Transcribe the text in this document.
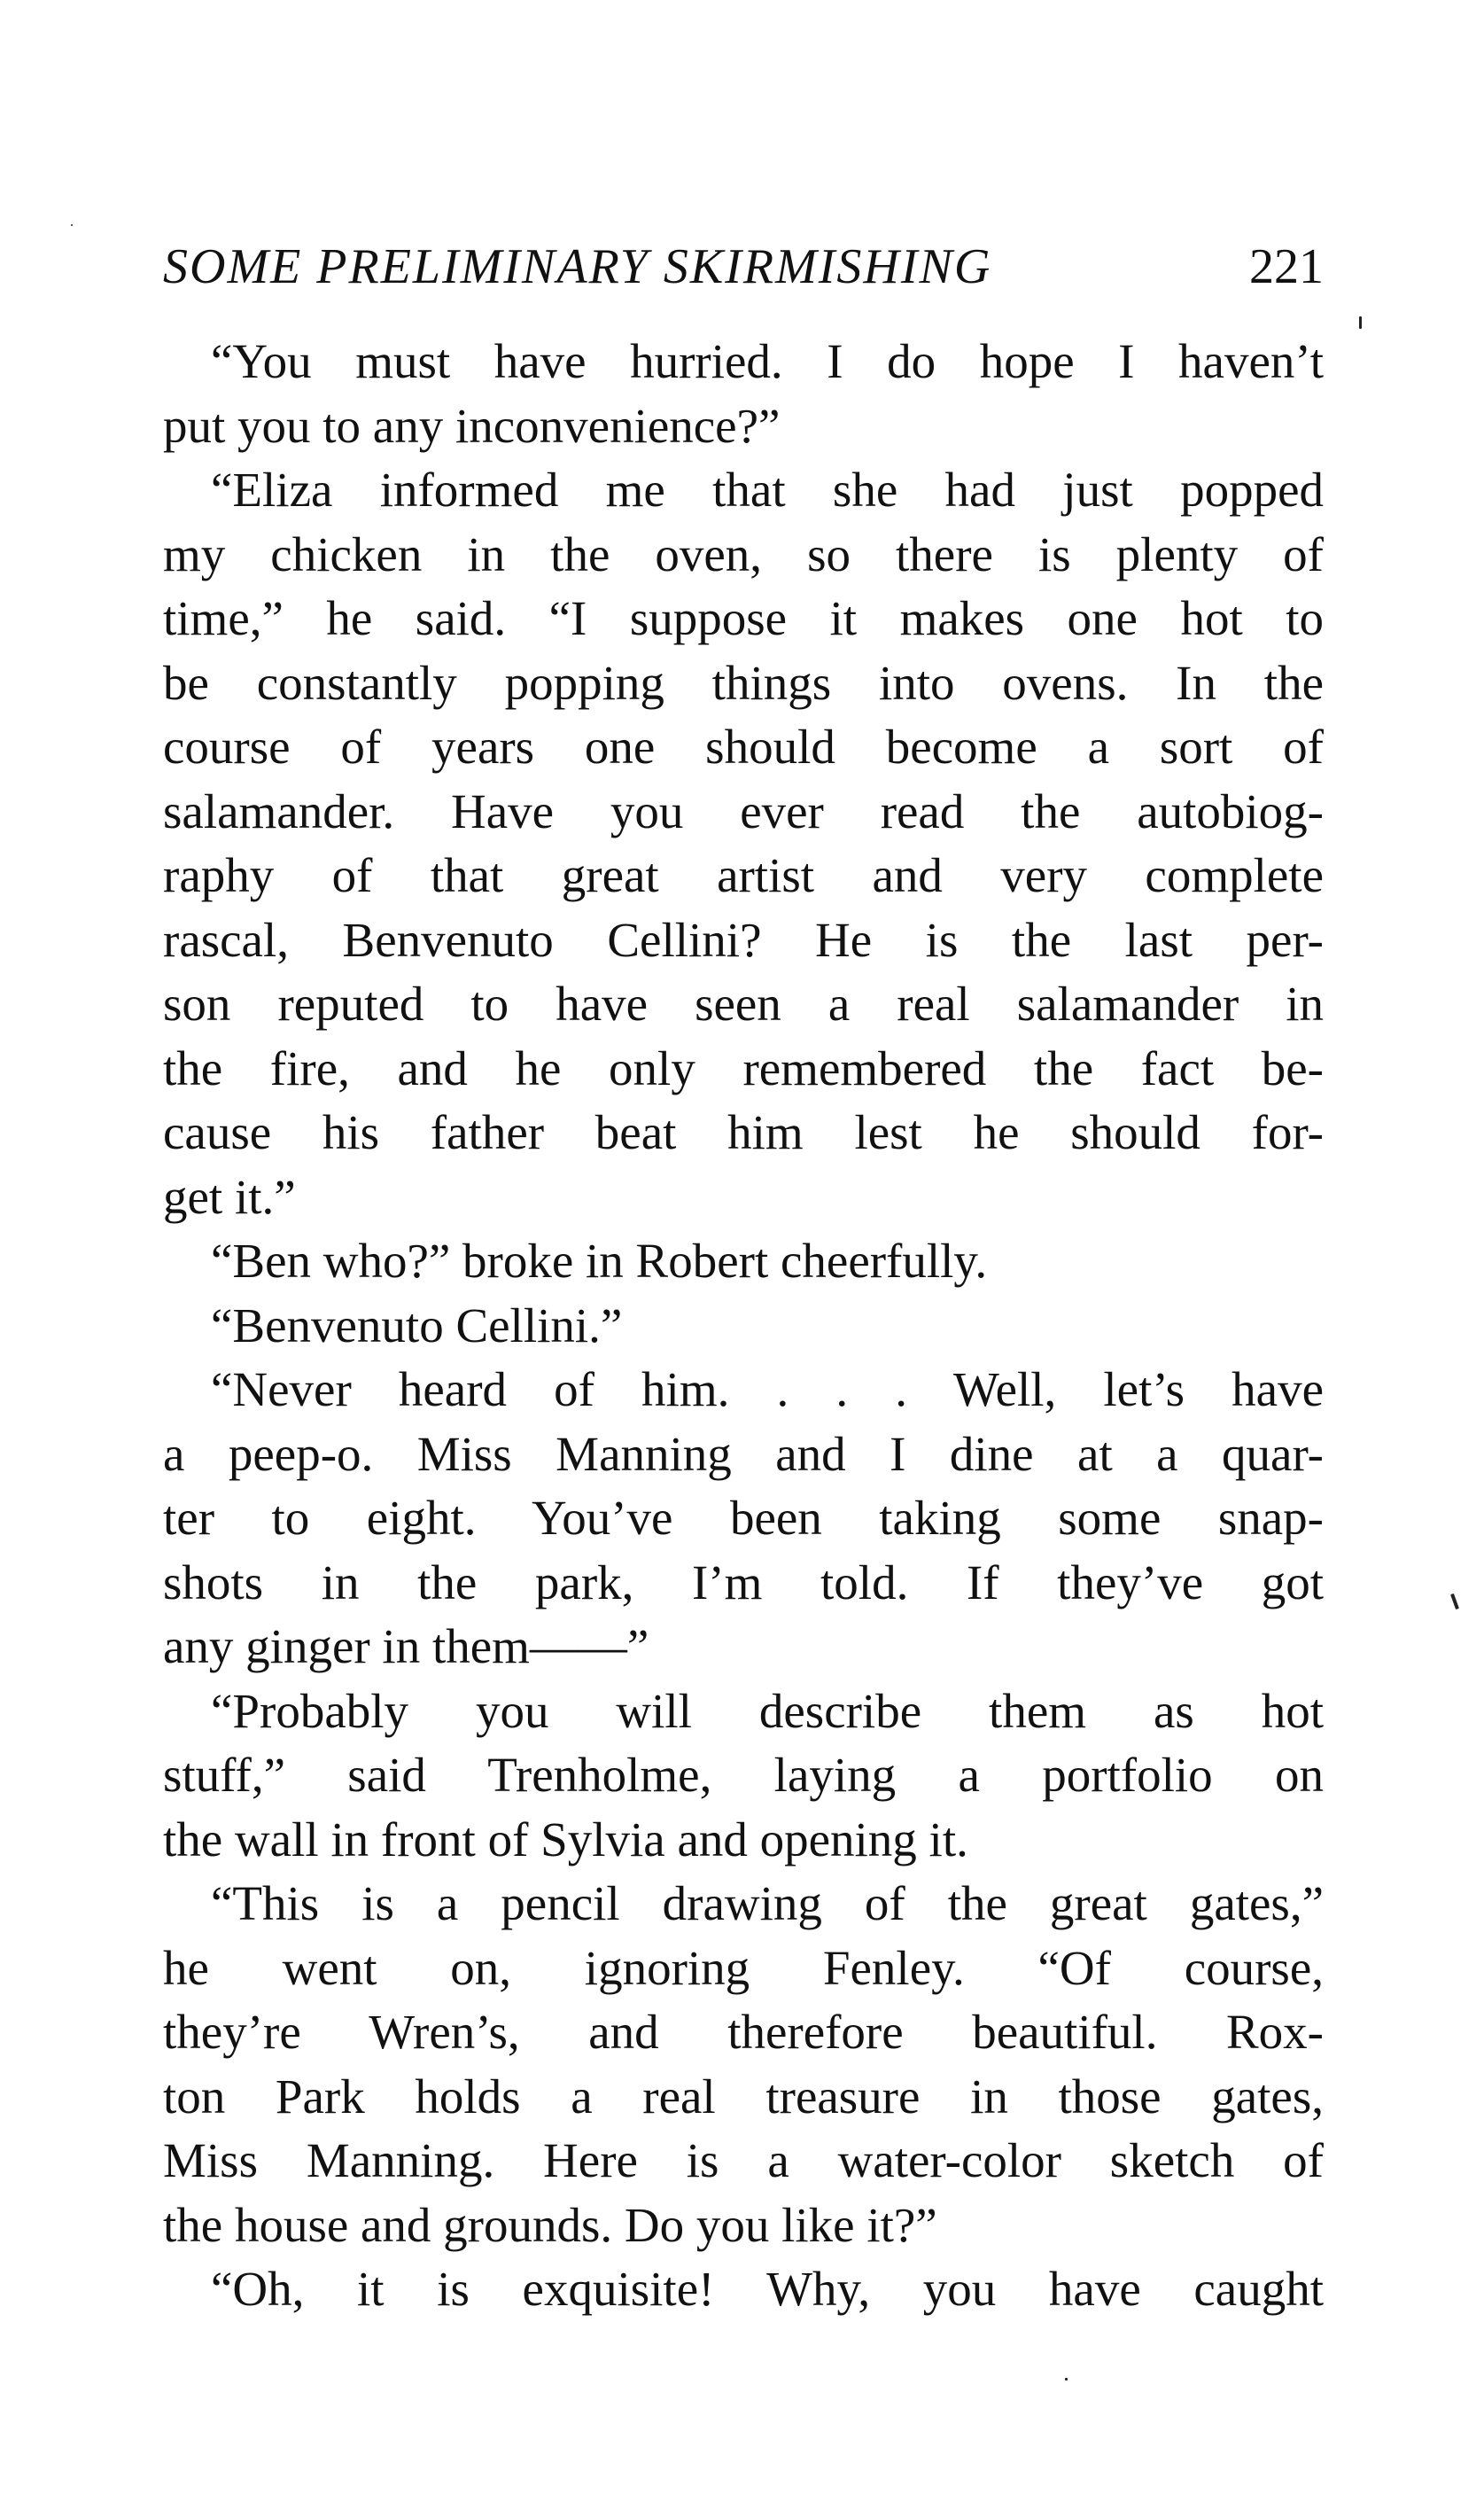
SOME PRELIMINARY SKIRMISHING	221
“You must have hurried. I do hope I haven’t
put you to any inconvenience?”
“Eliza informed me that she had just popped
my chicken in the oven, so there is plenty of
time,” he said. “I suppose it makes one hot to
be constantly popping things into ovens. In the
course of years one should become a sort of
salamander. Have you ever read the autobiog-
raphy of that great artist and very complete
rascal, Benvenuto Cellini? He is the last per-
son reputed to have seen a real salamander in
the fire, and he only remembered the fact be-
cause his father beat him lest he should for-
get it.”
“Ben who?” broke in Robert cheerfully.
“Benvenuto Cellini.”
“Never heard of him. . . . Well, let’s have
a peep-o. Miss Manning and I dine at a quar-
ter to eight. You’ve been taking some snap-
shots in the park, I’m told. If they’ve got
any ginger in them——”
“Probably you will describe them as hot
stuff,” said Trenholme, laying a portfolio on
the wall in front of Sylvia and opening it.
“This is a pencil drawing of the great gates,”
he went on, ignoring Fenley. “Of course,
they’re Wren’s, and therefore beautiful. Rox-
ton Park holds a real treasure in those gates,
Miss Manning. Here is a water-color sketch of
the house and grounds. Do you like it?”
“Oh, it is exquisite! Why, you have caught
